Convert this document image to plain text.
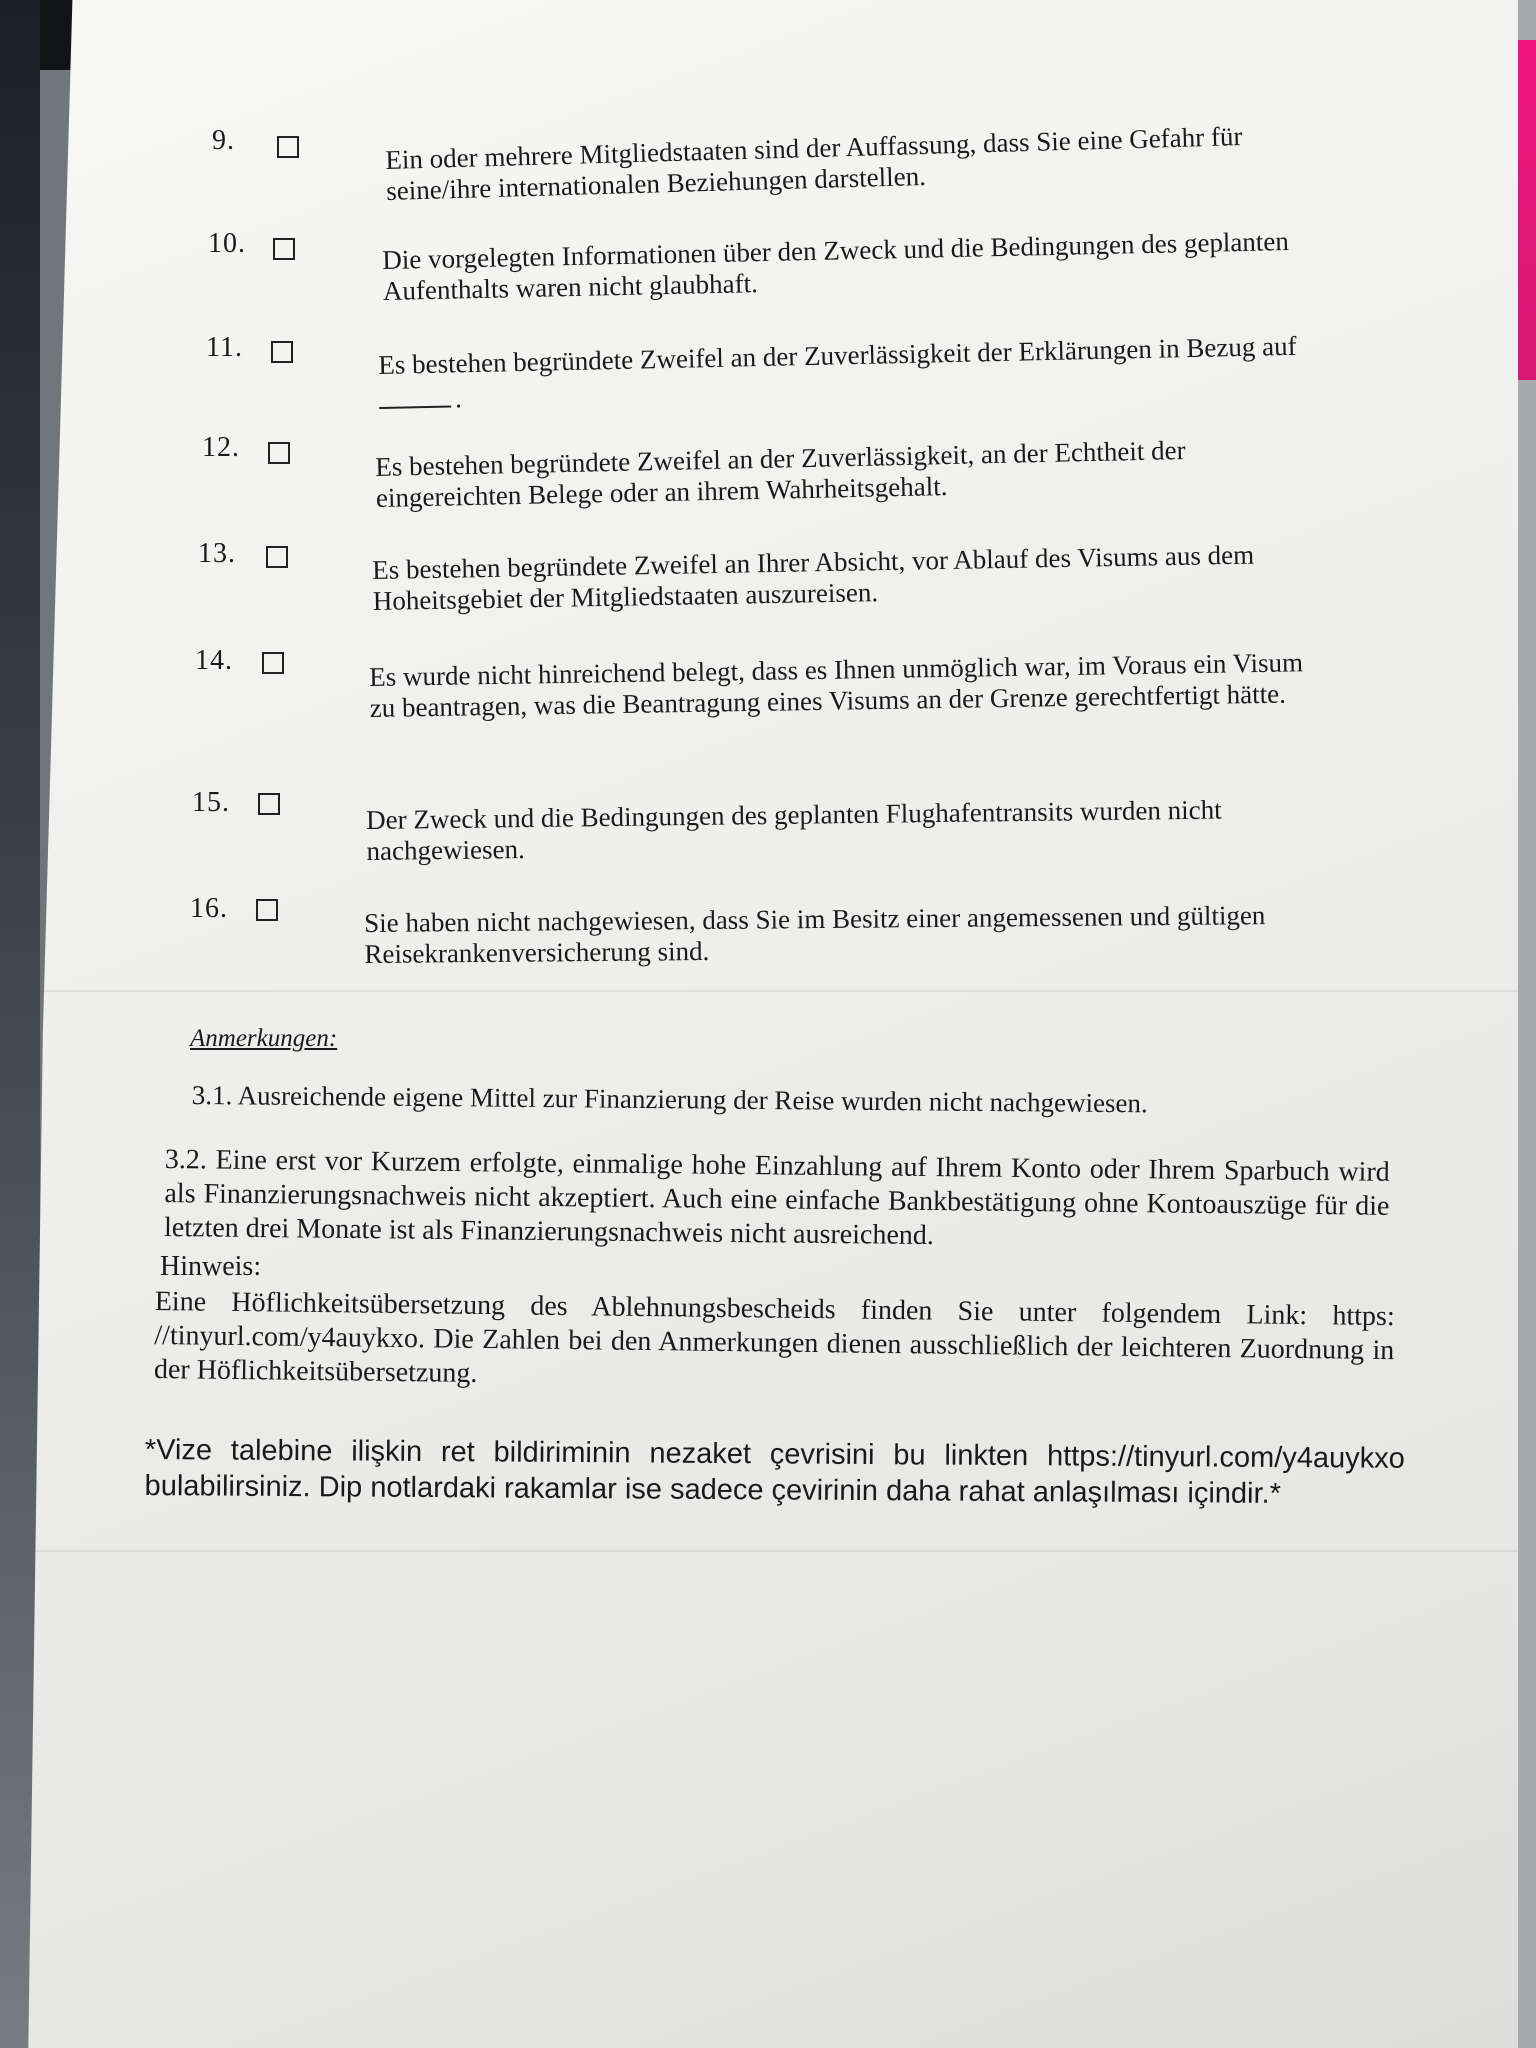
9.	Ein oder mehrere Mitgliedstaaten sind der Auffassung, dass Sie eine Gefahr für seine/ihre internationalen Beziehungen darstellen.
10.	Die vorgelegten Informationen über den Zweck und die Bedingungen des geplanten Aufenthalts waren nicht glaubhaft.
11.	Es bestehen begründete Zweifel an der Zuverlässigkeit der Erklärungen in Bezug auf
.
12.	Es bestehen begründete Zweifel an der Zuverlässigkeit, an der Echtheit der eingereichten Belege oder an ihrem Wahrheitsgehalt.
13.	Es bestehen begründete Zweifel an Ihrer Absicht, vor Ablauf des Visums aus dem Hoheitsgebiet der Mitgliedstaaten auszureisen.
14.	Es wurde nicht hinreichend belegt, dass es Ihnen unmöglich war, im Voraus ein Visum zu beantragen, was die Beantragung eines Visums an der Grenze gerechtfertigt hätte.
15.	Der Zweck und die Bedingungen des geplanten Flughafentransits wurden nicht nachgewiesen.
16.	Sie haben nicht nachgewiesen, dass Sie im Besitz einer angemessenen und gültigen Reisekrankenversicherung sind.
Anmerkungen:
3.1. Ausreichende eigene Mittel zur Finanzierung der Reise wurden nicht nachgewiesen.
3.2. Eine erst vor Kurzem erfolgte, einmalige hohe Einzahlung auf Ihrem Konto oder Ihrem Sparbuch wird als Finanzierungsnachweis nicht akzeptiert. Auch eine einfache Bankbestätigung ohne Kontoauszüge für die letzten drei Monate ist als Finanzierungsnachweis nicht ausreichend.
Hinweis:
Eine Höflichkeitsübersetzung des Ablehnungsbescheids finden Sie unter folgendem Link: https: //tinyurl.com/y4auykxo. Die Zahlen bei den Anmerkungen dienen ausschließlich der leichteren Zuordnung in der Höflichkeitsübersetzung.
*Vize talebine ilişkin ret bildiriminin nezaket çevrisini bu linkten https://tinyurl.com/y4auykxo bulabilirsiniz. Dip notlardaki rakamlar ise sadece çevirinin daha rahat anlaşılması içindir.*
